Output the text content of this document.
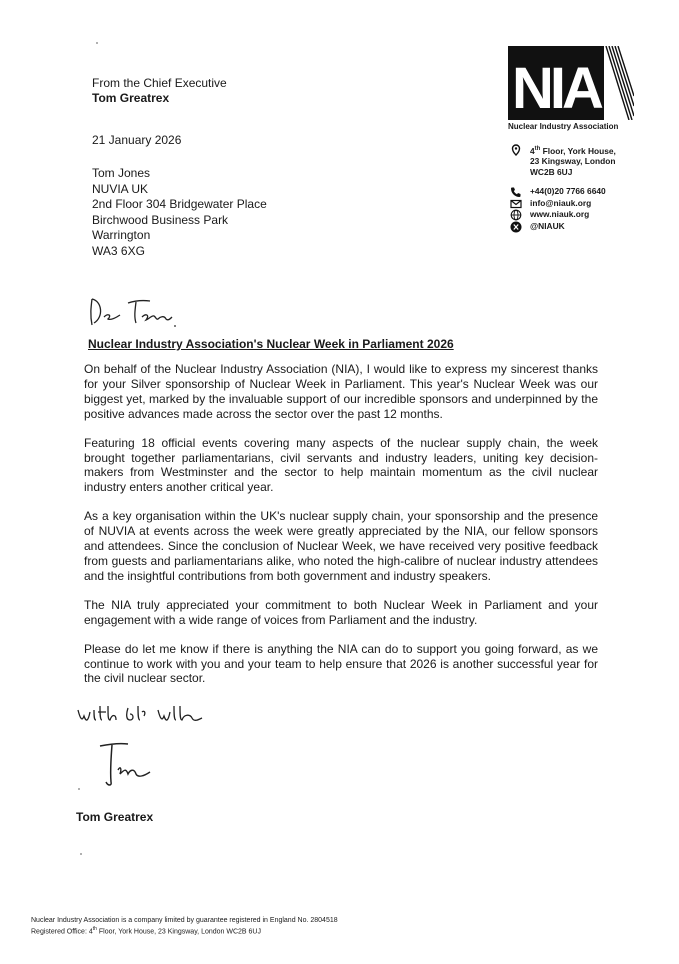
From the Chief Executive
Tom Greatrex
21 January 2026
Tom Jones
NUVIA UK
2nd Floor 304 Bridgewater Place
Birchwood Business Park
Warrington
WA3 6XG
NIA
Nuclear Industry Association
4th Floor, York House,
23 Kingsway, London
WC2B 6UJ
+44(0)20 7766 6640
info@niauk.org
www.niauk.org
@NIAUK
Nuclear Industry Association's Nuclear Week in Parliament 2026

On behalf of the Nuclear Industry Association (NIA), I would like to express my sincerest thanks for your Silver sponsorship of Nuclear Week in Parliament. This year's Nuclear Week was our biggest yet, marked by the invaluable support of our incredible sponsors and underpinned by the positive advances made across the sector over the past 12 months.

Featuring 18 official events covering many aspects of the nuclear supply chain, the week brought together parliamentarians, civil servants and industry leaders, uniting key decision-makers from Westminster and the sector to help maintain momentum as the civil nuclear industry enters another critical year.

As a key organisation within the UK's nuclear supply chain, your sponsorship and the presence of NUVIA at events across the week were greatly appreciated by the NIA, our fellow sponsors and attendees. Since the conclusion of Nuclear Week, we have received very positive feedback from guests and parliamentarians alike, who noted the high-calibre of nuclear industry attendees and the insightful contributions from both government and industry speakers.

The NIA truly appreciated your commitment to both Nuclear Week in Parliament and your engagement with a wide range of voices from Parliament and the industry.

Please do let me know if there is anything the NIA can do to support you going forward, as we continue to work with you and your team to help ensure that 2026 is another successful year for the civil nuclear sector.

Tom Greatrex
Nuclear Industry Association is a company limited by guarantee registered in England No. 2804518
Registered Office: 4th Floor, York House, 23 Kingsway, London WC2B 6UJ
